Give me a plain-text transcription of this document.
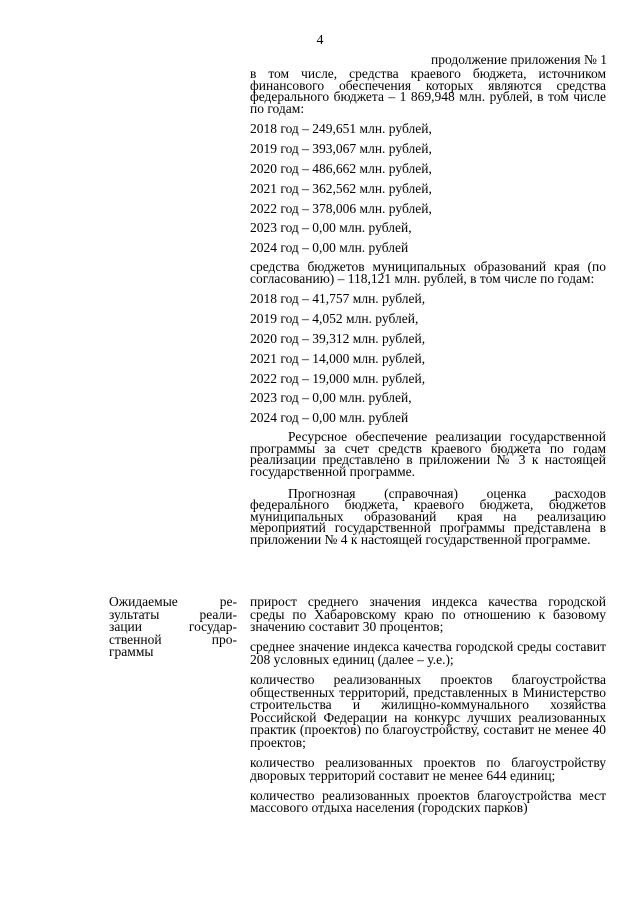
4
продолжение приложения № 1

в том числе, средства краевого бюджета, источником финансового обеспечения которых являются средства федерального бюджета – 1 869,948 млн. рублей, в том числе по годам:

2018 год – 249,651 млн. рублей,

2019 год – 393,067 млн. рублей,

2020 год – 486,662 млн. рублей,

2021 год – 362,562 млн. рублей,

2022 год – 378,006 млн. рублей,

2023 год – 0,00 млн. рублей,

2024 год – 0,00 млн. рублей

средства бюджетов муниципальных образований края (по согласованию) – 118,121 млн. рублей, в том числе по годам:

2018 год – 41,757 млн. рублей,

2019 год – 4,052 млн. рублей,

2020 год – 39,312 млн. рублей,

2021 год – 14,000 млн. рублей,

2022 год – 19,000 млн. рублей,

2023 год – 0,00 млн. рублей,

2024 год – 0,00 млн. рублей

Ресурсное обеспечение реализации государственной программы за счет средств краевого бюджета по годам реализации представлено в приложении № 3 к настоящей государственной программе.

Прогнозная (справочная) оценка расходов федерального бюджета, краевого бюджета, бюджетов муниципальных образований края на реализацию мероприятий государственной программы представлена в приложении № 4 к настоящей государственной программе.

Ожидаемые ре-
зультаты реали-
зации государ-
ственной про-
граммы

прирост среднего значения индекса качества городской среды по Хабаровскому краю по отношению к базовому значению составит 30 процентов;

среднее значение индекса качества городской среды составит 208 условных единиц (далее – у.е.);

количество реализованных проектов благоустройства общественных территорий, представленных в Министерство строительства и жилищно-коммунального хозяйства Российской Федерации на конкурс лучших реализованных практик (проектов) по благоустройству, составит не менее 40 проектов;

количество реализованных проектов по благоустройству дворовых территорий составит не менее 644 единиц;

количество реализованных проектов благоустройства мест массового отдыха населения (городских парков)
